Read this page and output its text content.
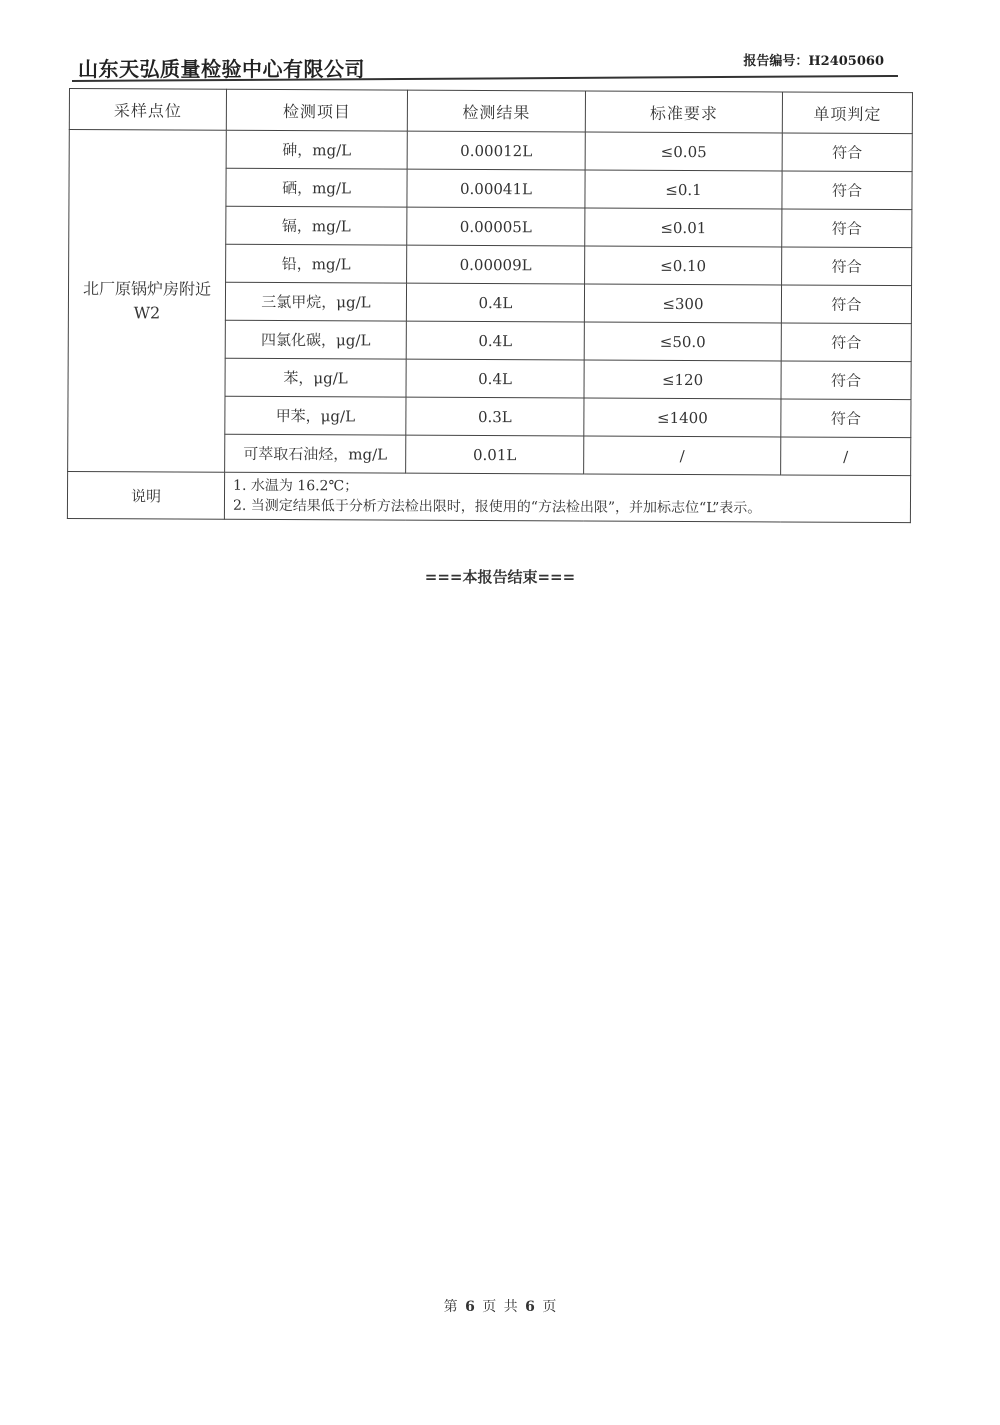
山东天弘质量检验中心有限公司	报告编号：H2405060
采样点位	检测项目	检测结果	标准要求	单项判定

北厂原锅炉房附近
W2	砷，mg/L	0.00012L	≤0.05	符合
	硒，mg/L	0.00041L	≤0.1	符合
	镉，mg/L	0.00005L	≤0.01	符合
	铅，mg/L	0.00009L	≤0.10	符合
	三氯甲烷，μg/L	0.4L	≤300	符合
	四氯化碳，μg/L	0.4L	≤50.0	符合
	苯，μg/L	0.4L	≤120	符合
	甲苯，μg/L	0.3L	≤1400	符合
	可萃取石油烃，mg/L	0.01L	/	/
说明	1. 水温为 16.2℃；
2. 当测定结果低于分析方法检出限时，报使用的“方法检出限”，并加标志位“L”表示。			
===本报告结束===
第 6 页 共 6 页
